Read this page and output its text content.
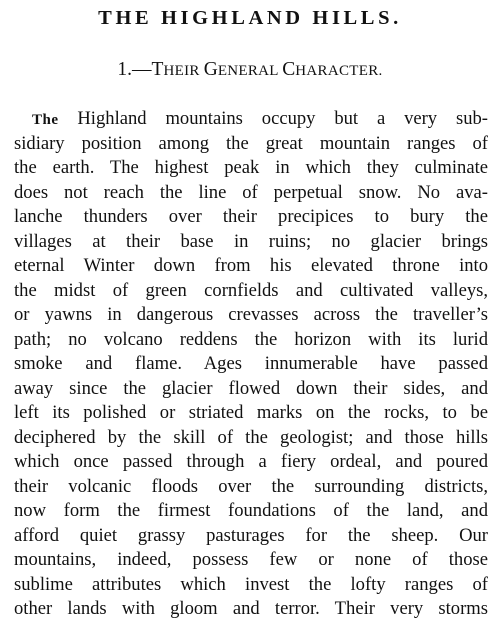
THE HIGHLAND HILLS.
1.—THEIR GENERAL CHARACTER.
The Highland mountains occupy but a very sub-
sidiary position among the great mountain ranges of
the earth. The highest peak in which they culminate
does not reach the line of perpetual snow. No ava-
lanche thunders over their precipices to bury the
villages at their base in ruins; no glacier brings
eternal Winter down from his elevated throne into
the midst of green cornfields and cultivated valleys,
or yawns in dangerous crevasses across the traveller’s
path; no volcano reddens the horizon with its lurid
smoke and flame. Ages innumerable have passed
away since the glacier flowed down their sides, and
left its polished or striated marks on the rocks, to be
deciphered by the skill of the geologist; and those hills
which once passed through a fiery ordeal, and poured
their volcanic floods over the surrounding districts,
now form the firmest foundations of the land, and
afford quiet grassy pasturages for the sheep. Our
mountains, indeed, possess few or none of those
sublime attributes which invest the lofty ranges of
other lands with gloom and terror. Their very storms
